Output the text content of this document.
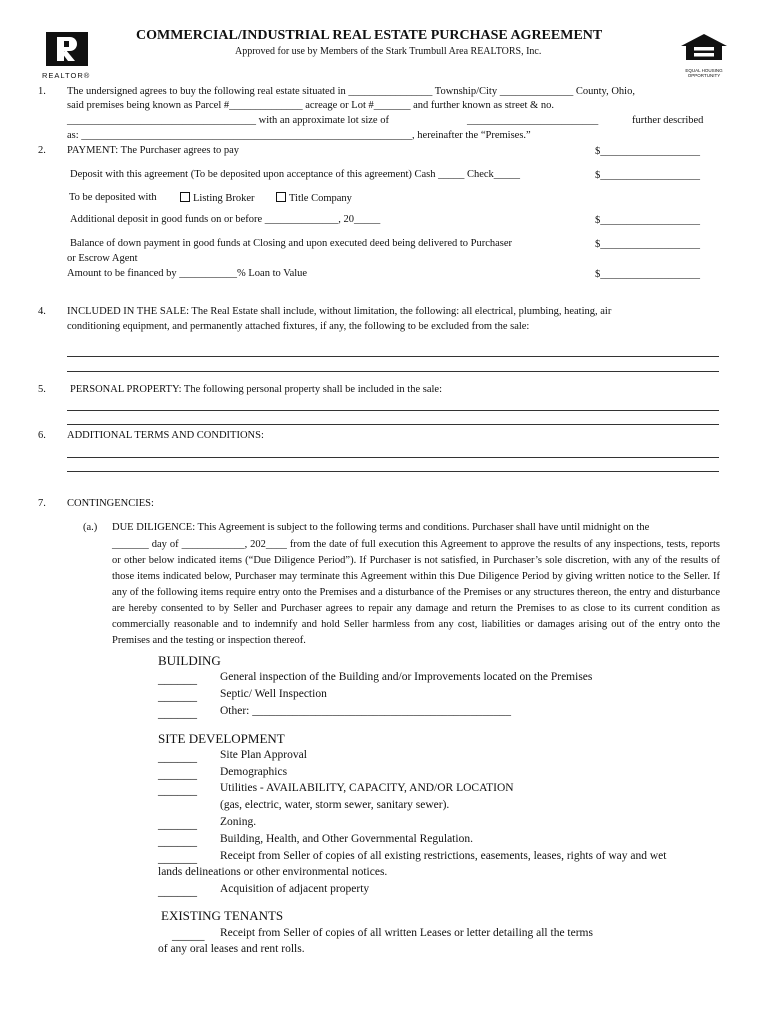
REALTOR®
COMMERCIAL/INDUSTRIAL REAL ESTATE PURCHASE AGREEMENT
Approved for use by Members of the Stark Trumbull Area REALTORS, Inc.
EQUAL HOUSING OPPORTUNITY
1. The undersigned agrees to buy the following real estate situated in ________________ Township/City ______________ County, Ohio,
said premises being known as Parcel #______________ acreage or Lot #_______ and further known as street & no.
____________________________________ with an approximate lot size of	_________________________	further described
as: _______________________________________________________________, hereinafter the “Premises.”
2. PAYMENT: The Purchaser agrees to pay	$___________________
Deposit with this agreement (To be deposited upon acceptance of this agreement) Cash _____ Check_____	$___________________
To be deposited with	Listing Broker	Title Company
Additional deposit in good funds on or before ______________, 20_____	$___________________
Balance of down payment in good funds at Closing and upon executed deed being delivered to Purchaser	$___________________
or Escrow Agent
Amount to be financed by ___________% Loan to Value	$___________________
4. INCLUDED IN THE SALE: The Real Estate shall include, without limitation, the following: all electrical, plumbing, heating, air
conditioning equipment, and permanently attached fixtures, if any, the following to be excluded from the sale:
5. PERSONAL PROPERTY: The following personal property shall be included in the sale:
6. ADDITIONAL TERMS AND CONDITIONS:
7. CONTINGENCIES:
(a.) DUE DILIGENCE: This Agreement is subject to the following terms and conditions. Purchaser shall have until midnight on the
_______ day of ____________, 202____ from the date of full execution this Agreement to approve the results of any inspections, tests, reports or other below indicated items (“Due Diligence Period”). If Purchaser is not satisfied, in Purchaser’s sole discretion, with any of the results of those items indicated below, Purchaser may terminate this Agreement within this Due Diligence Period by giving written notice to the Seller. If any of the following items require entry onto the Premises and a disturbance of the Premises or any structures thereon, the entry and disturbance are hereby consented to by Seller and Purchaser agrees to repair any damage and return the Premises to as close to its current condition as commercially reasonable and to indemnify and hold Seller harmless from any cost, liabilities or damages arising out of the entry onto the Premises and the testing or inspection thereof.
BUILDING
______ General inspection of the Building and/or Improvements located on the Premises
______ Septic/ Well Inspection
______ Other: _____________________________________________
SITE DEVELOPMENT
______ Site Plan Approval
______ Demographics
______ Utilities - AVAILABILITY, CAPACITY, AND/OR LOCATION
(gas, electric, water, storm sewer, sanitary sewer).
______ Zoning.
______ Building, Health, and Other Governmental Regulation.
______ Receipt from Seller of copies of all existing restrictions, easements, leases, rights of way and wet
lands delineations or other environmental notices.
______ Acquisition of adjacent property
EXISTING TENANTS
_____ Receipt from Seller of copies of all written Leases or letter detailing all the terms
of any oral leases and rent rolls.
